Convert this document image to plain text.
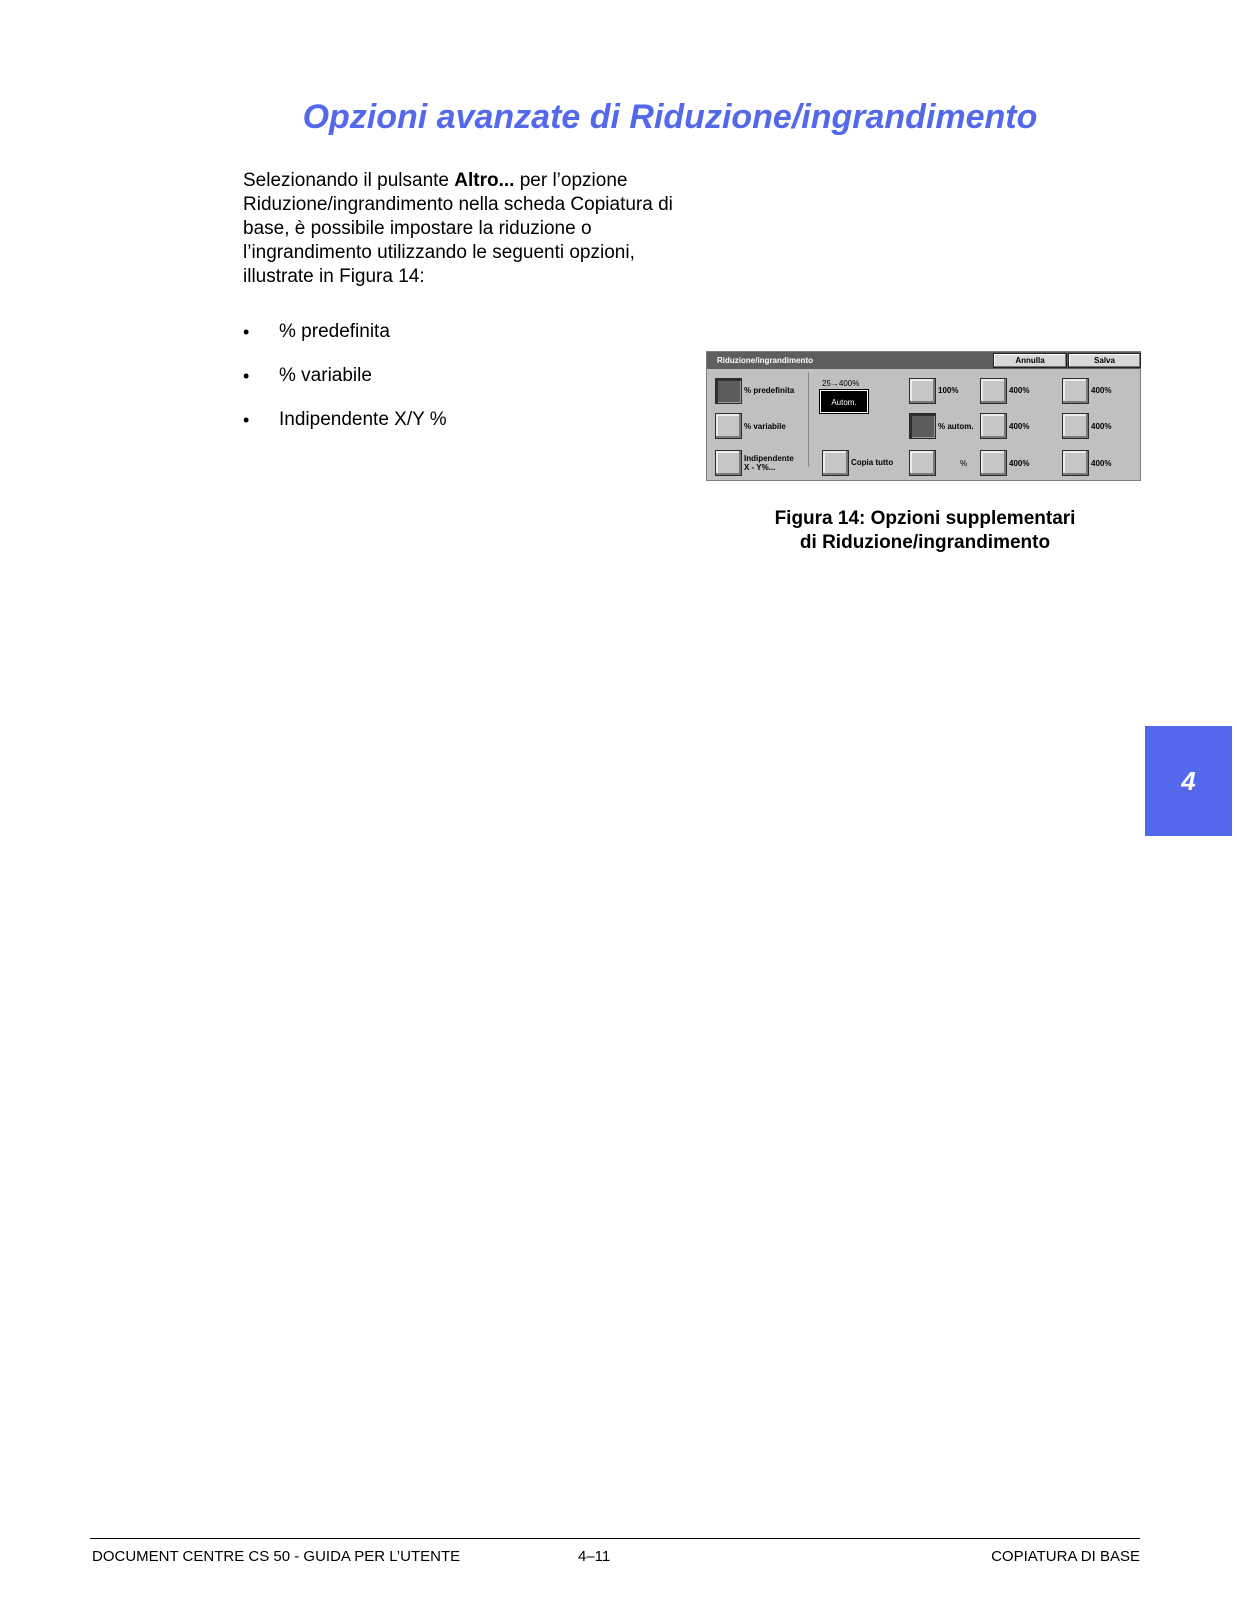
Opzioni avanzate di Riduzione/ingrandimento
Selezionando il pulsante Altro... per l’opzione Riduzione/ingrandimento nella scheda Copiatura di base, è possibile impostare la riduzione o l’ingrandimento utilizzando le seguenti opzioni, illustrate in Figura 14:
• % predefinita
• % variabile
• Indipendente X/Y %
Riduzione/ingrandimento	Annulla	Salva
% predefinita
% variabile
Indipendente
X - Y%...
25→400%
Autom.
Copia tutto
100%
% autom.
%
400%
400%
400%
400%
400%
400%
Figura 14: Opzioni supplementari
di Riduzione/ingrandimento
4
DOCUMENT CENTRE CS 50 - GUIDA PER L’UTENTE	4–11	COPIATURA DI BASE
